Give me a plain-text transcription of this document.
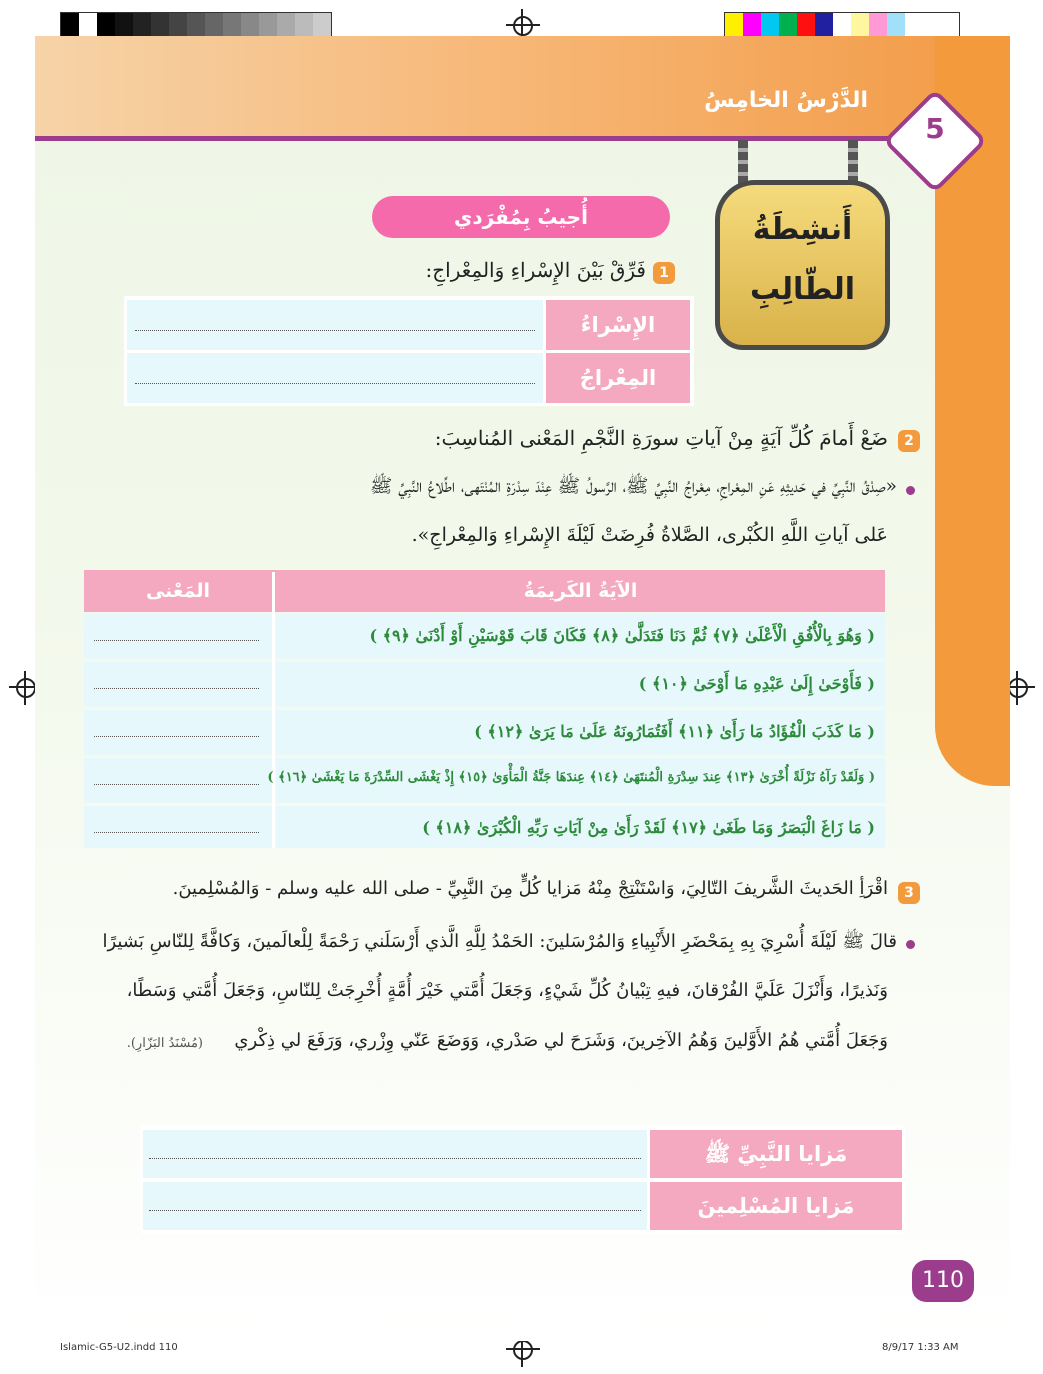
الدَّرْسُ الخامِسُ
5
أَنشِطَةُ
الطّالِبِ
أُجيبُ بِمُفْرَدي
1
فَرِّقْ بَيْنَ الإِسْراءِ وَالمِعْراجِ:
الإِسْراءُ
المِعْراجُ
2
ضَعْ أَمامَ كُلِّ آيَةٍ مِنْ آياتِ سورَةِ النَّجْمِ المَعْنى المُناسِبَ:
«صِدْقُ النَّبِيِّ في حَديثِهِ عَنِ المِعْراجِ، مِعْراجُ النَّبِيِّ ﷺ، الرَّسولُ ﷺ عِنْدَ سِدْرَةِ المُنْتَهى، اطِّلاعُ النَّبِيِّ ﷺ
عَلى آياتِ اللَّهِ الكُبْرى، الصَّلاةُ فُرِضَتْ لَيْلَةَ الإِسْراءِ وَالمِعْراجِ».
الآيَةُ الكَريمَةُ
المَعْنى
( وَهُوَ بِالْأُفُقِ الْأَعْلَىٰ ﴿٧﴾ ثُمَّ دَنَا فَتَدَلَّىٰ ﴿٨﴾ فَكَانَ قَابَ قَوْسَيْنِ أَوْ أَدْنَىٰ ﴿٩﴾ )
( فَأَوْحَىٰ إِلَىٰ عَبْدِهِ مَا أَوْحَىٰ ﴿١٠﴾ )
( مَا كَذَبَ الْفُؤَادُ مَا رَأَىٰ ﴿١١﴾ أَفَتُمَارُونَهُ عَلَىٰ مَا يَرَىٰ ﴿١٢﴾ )
( وَلَقَدْ رَآهُ نَزْلَةً أُخْرَىٰ ﴿١٣﴾ عِندَ سِدْرَةِ الْمُنتَهَىٰ ﴿١٤﴾ عِندَهَا جَنَّةُ الْمَأْوَىٰ ﴿١٥﴾ إِذْ يَغْشَى السِّدْرَةَ مَا يَغْشَىٰ ﴿١٦﴾ )
( مَا زَاغَ الْبَصَرُ وَمَا طَغَىٰ ﴿١٧﴾ لَقَدْ رَأَىٰ مِنْ آيَاتِ رَبِّهِ الْكُبْرَىٰ ﴿١٨﴾ )
3
اقْرَأِ الحَديثَ الشَّريفَ التّالِيَ، وَاسْتَنْتِجْ مِنْهُ مَزايا كُلٍّ مِنَ النَّبِيِّ - صلى الله عليه وسلم - وَالمُسْلِمينَ.
قالَ ﷺ لَيْلَةَ أُسْرِيَ بِهِ بِمَحْضَرِ الأَنْبِياءِ وَالمُرْسَلينَ: الحَمْدُ لِلَّهِ الَّذي أَرْسَلَني رَحْمَةً لِلْعالَمينَ، وَكافَّةً لِلنّاسِ بَشيرًا
وَنَذيرًا، وَأَنْزَلَ عَلَيَّ الفُرْقانَ، فيهِ تِبْيانُ كُلِّ شَيْءٍ، وَجَعَلَ أُمَّتي خَيْرَ أُمَّةٍ أُخْرِجَتْ لِلنّاسِ، وَجَعَلَ أُمَّتي وَسَطًا،
وَجَعَلَ أُمَّتي هُمُ الأَوَّلينَ وَهُمُ الآخِرينَ، وَشَرَحَ لي صَدْري، وَوَضَعَ عَنّي وِزْري، وَرَفَعَ لي ذِكْري
(مُسْنَدُ البَزّارِ).
مَزايا النَّبِيِّ ﷺ
مَزايا المُسْلِمينَ
110
Islamic-G5-U2.indd 110	8/9/17 1:33 AM
